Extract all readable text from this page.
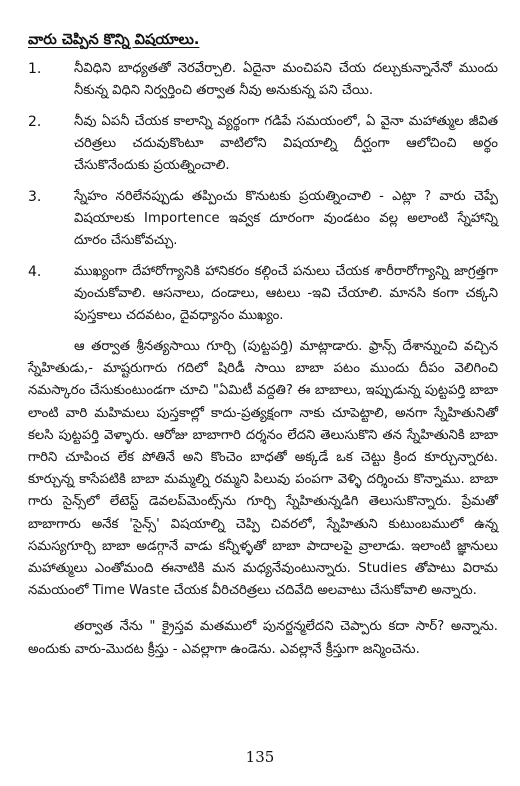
వారు చెప్పిన కొన్ని విషయాలు.
1.	నీవిధిని బాధ్యతతో నెరవేర్చాలి. ఏదైనా మంచిపని చేయ దల్చుకున్నానేనో ముందు నీకున్న విధిని నిర్వర్తించి తర్వాత నీవు అనుకున్న పని చేయి.
2.	నీవు ఏపనీ చేయక కాలాన్ని వ్యర్థంగా గడిపే సమయంలో, ఏ వైనా మహాత్ముల జీవిత చరిత్రలు చదువుకొంటూ వాటిలోని విషయాల్ని దీర్ఘంగా ఆలోచించి అర్థం చేసుకొనేందుకు ప్రయత్నించాలి.
3.	స్నేహం నరిలేనప్పుడు తప్పించు కొనుటకు ప్రయత్నించాలి - ఎట్లా ? వారు చెప్పే విషయాలకు Importence ఇవ్వక దూరంగా వుండటం వల్ల అలాంటి స్నేహాన్ని దూరం చేసుకోవచ్చు.
4.	ముఖ్యంగా దేహారోగ్యానికి హానికరం కల్గించే పనులు చేయక శారీరారోగ్యాన్ని జాగ్రత్తగా వుంచుకోవాలి. ఆసనాలు, దండాలు, ఆటలు -ఇవి చేయాలి. మానసి కంగా చక్కని పుస్తకాలు చదవటం, దైవధ్యానం ముఖ్యం.

ఆ తర్వాత శ్రీనత్యసాయి గూర్చి (పుట్టపర్తి) మాట్లాడారు. ఫ్రాన్స్ దేశాన్నుంచి వచ్చిన స్నేహితుడు,- మాష్టరుగారు గదిలో షిరిడీ సాయి బాబా పటం ముందు దీపం వెలిగించి నమస్కారం చేసుకుంటుండగా చూచి "ఏమిటీ వద్దతి? ఈ బాబాలు, ఇప్పుడున్న పుట్టపర్తి బాబా లాంటి వారి మహిమలు పుస్తకాల్లో కాదు-ప్రత్యక్షంగా నాకు చూపెట్టాలి, అనగా స్నేహితునితో కలసి పుట్టపర్తి వెళ్ళారు. ఆరోజు బాబాగారి దర్శనం లేదని తెలుసుకొని తన స్నేహితునికి బాబా గారిని చూపించ లేక పోతినే అని కొంచెం బాధతో అక్కడే ఒక చెట్టు క్రింద కూర్చున్నారట. కూర్చున్న కాసేపటికి బాబా మమ్మల్ని రమ్మని పిలువు పంపగా వెళ్ళి దర్శించు కొన్నాము. బాబా గారు సైన్స్‌లో లేటెస్ట్ డెవలప్‌మెంట్స్‌ను గూర్చి స్నేహితున్నడిగి తెలుసుకొన్నారు. ప్రేమతో బాబాగారు అనేక 'సైన్స్' విషయాల్ని చెప్పి చివరలో, స్నేహితుని కుటుంబములో ఉన్న సమస్యగూర్చి బాబా అడగ్గానే వాడు కన్నీళ్ళతో బాబా పాదాలపై వ్రాలాడు. ఇలాంటి జ్ఞానులు మహాత్ములు ఎంతోమంది ఈనాటికి మన మధ్యనేవుంటున్నారు. Studies తోపాటు విరామ నమయంలో Time Waste చేయక వీరిచరిత్రలు చదివేది అలవాటు చేసుకోవాలి అన్నారు.

తర్వాత నేను " క్రైస్తవ మతములో పునర్జన్మలేదని చెప్పారు కదా సార్? అన్నాను. అందుకు వారు-మొదట క్రీస్తు - ఎవల్లాగా ఉండెను. ఎవల్లానే క్రీస్తుగా జన్మించెను.

135
